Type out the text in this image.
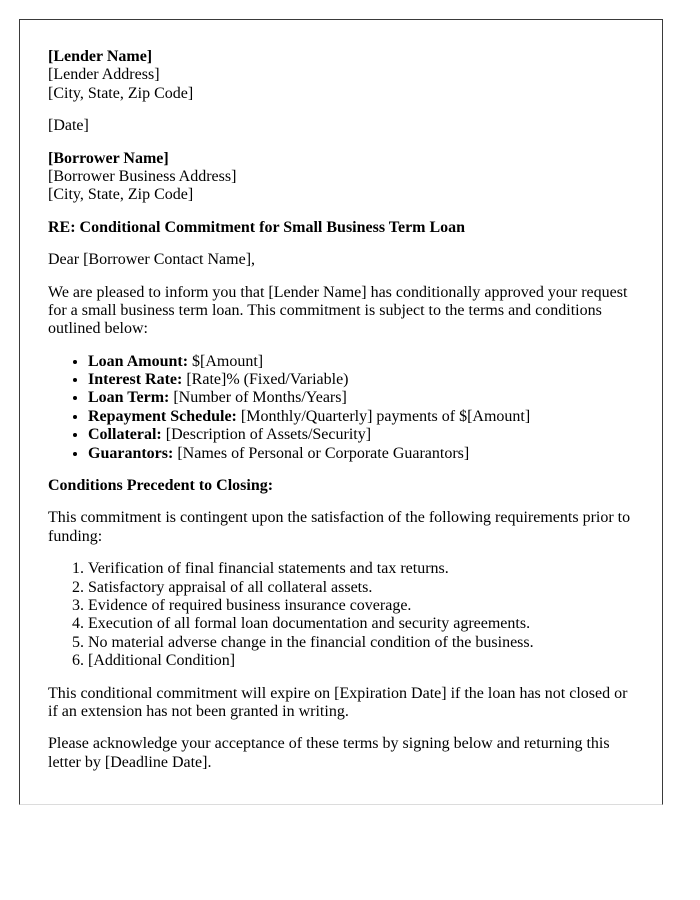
[Lender Name]
[Lender Address]
[City, State, Zip Code]

[Date]

[Borrower Name]
[Borrower Business Address]
[City, State, Zip Code]

RE: Conditional Commitment for Small Business Term Loan

Dear [Borrower Contact Name],

We are pleased to inform you that [Lender Name] has conditionally approved your request for a small business term loan. This commitment is subject to the terms and conditions outlined below:

• Loan Amount: $[Amount]
• Interest Rate: [Rate]% (Fixed/Variable)
• Loan Term: [Number of Months/Years]
• Repayment Schedule: [Monthly/Quarterly] payments of $[Amount]
• Collateral: [Description of Assets/Security]
• Guarantors: [Names of Personal or Corporate Guarantors]

Conditions Precedent to Closing:

This commitment is contingent upon the satisfaction of the following requirements prior to funding:

1. Verification of final financial statements and tax returns.
2. Satisfactory appraisal of all collateral assets.
3. Evidence of required business insurance coverage.
4. Execution of all formal loan documentation and security agreements.
5. No material adverse change in the financial condition of the business.
6. [Additional Condition]

This conditional commitment will expire on [Expiration Date] if the loan has not closed or if an extension has not been granted in writing.

Please acknowledge your acceptance of these terms by signing below and returning this letter by [Deadline Date].
